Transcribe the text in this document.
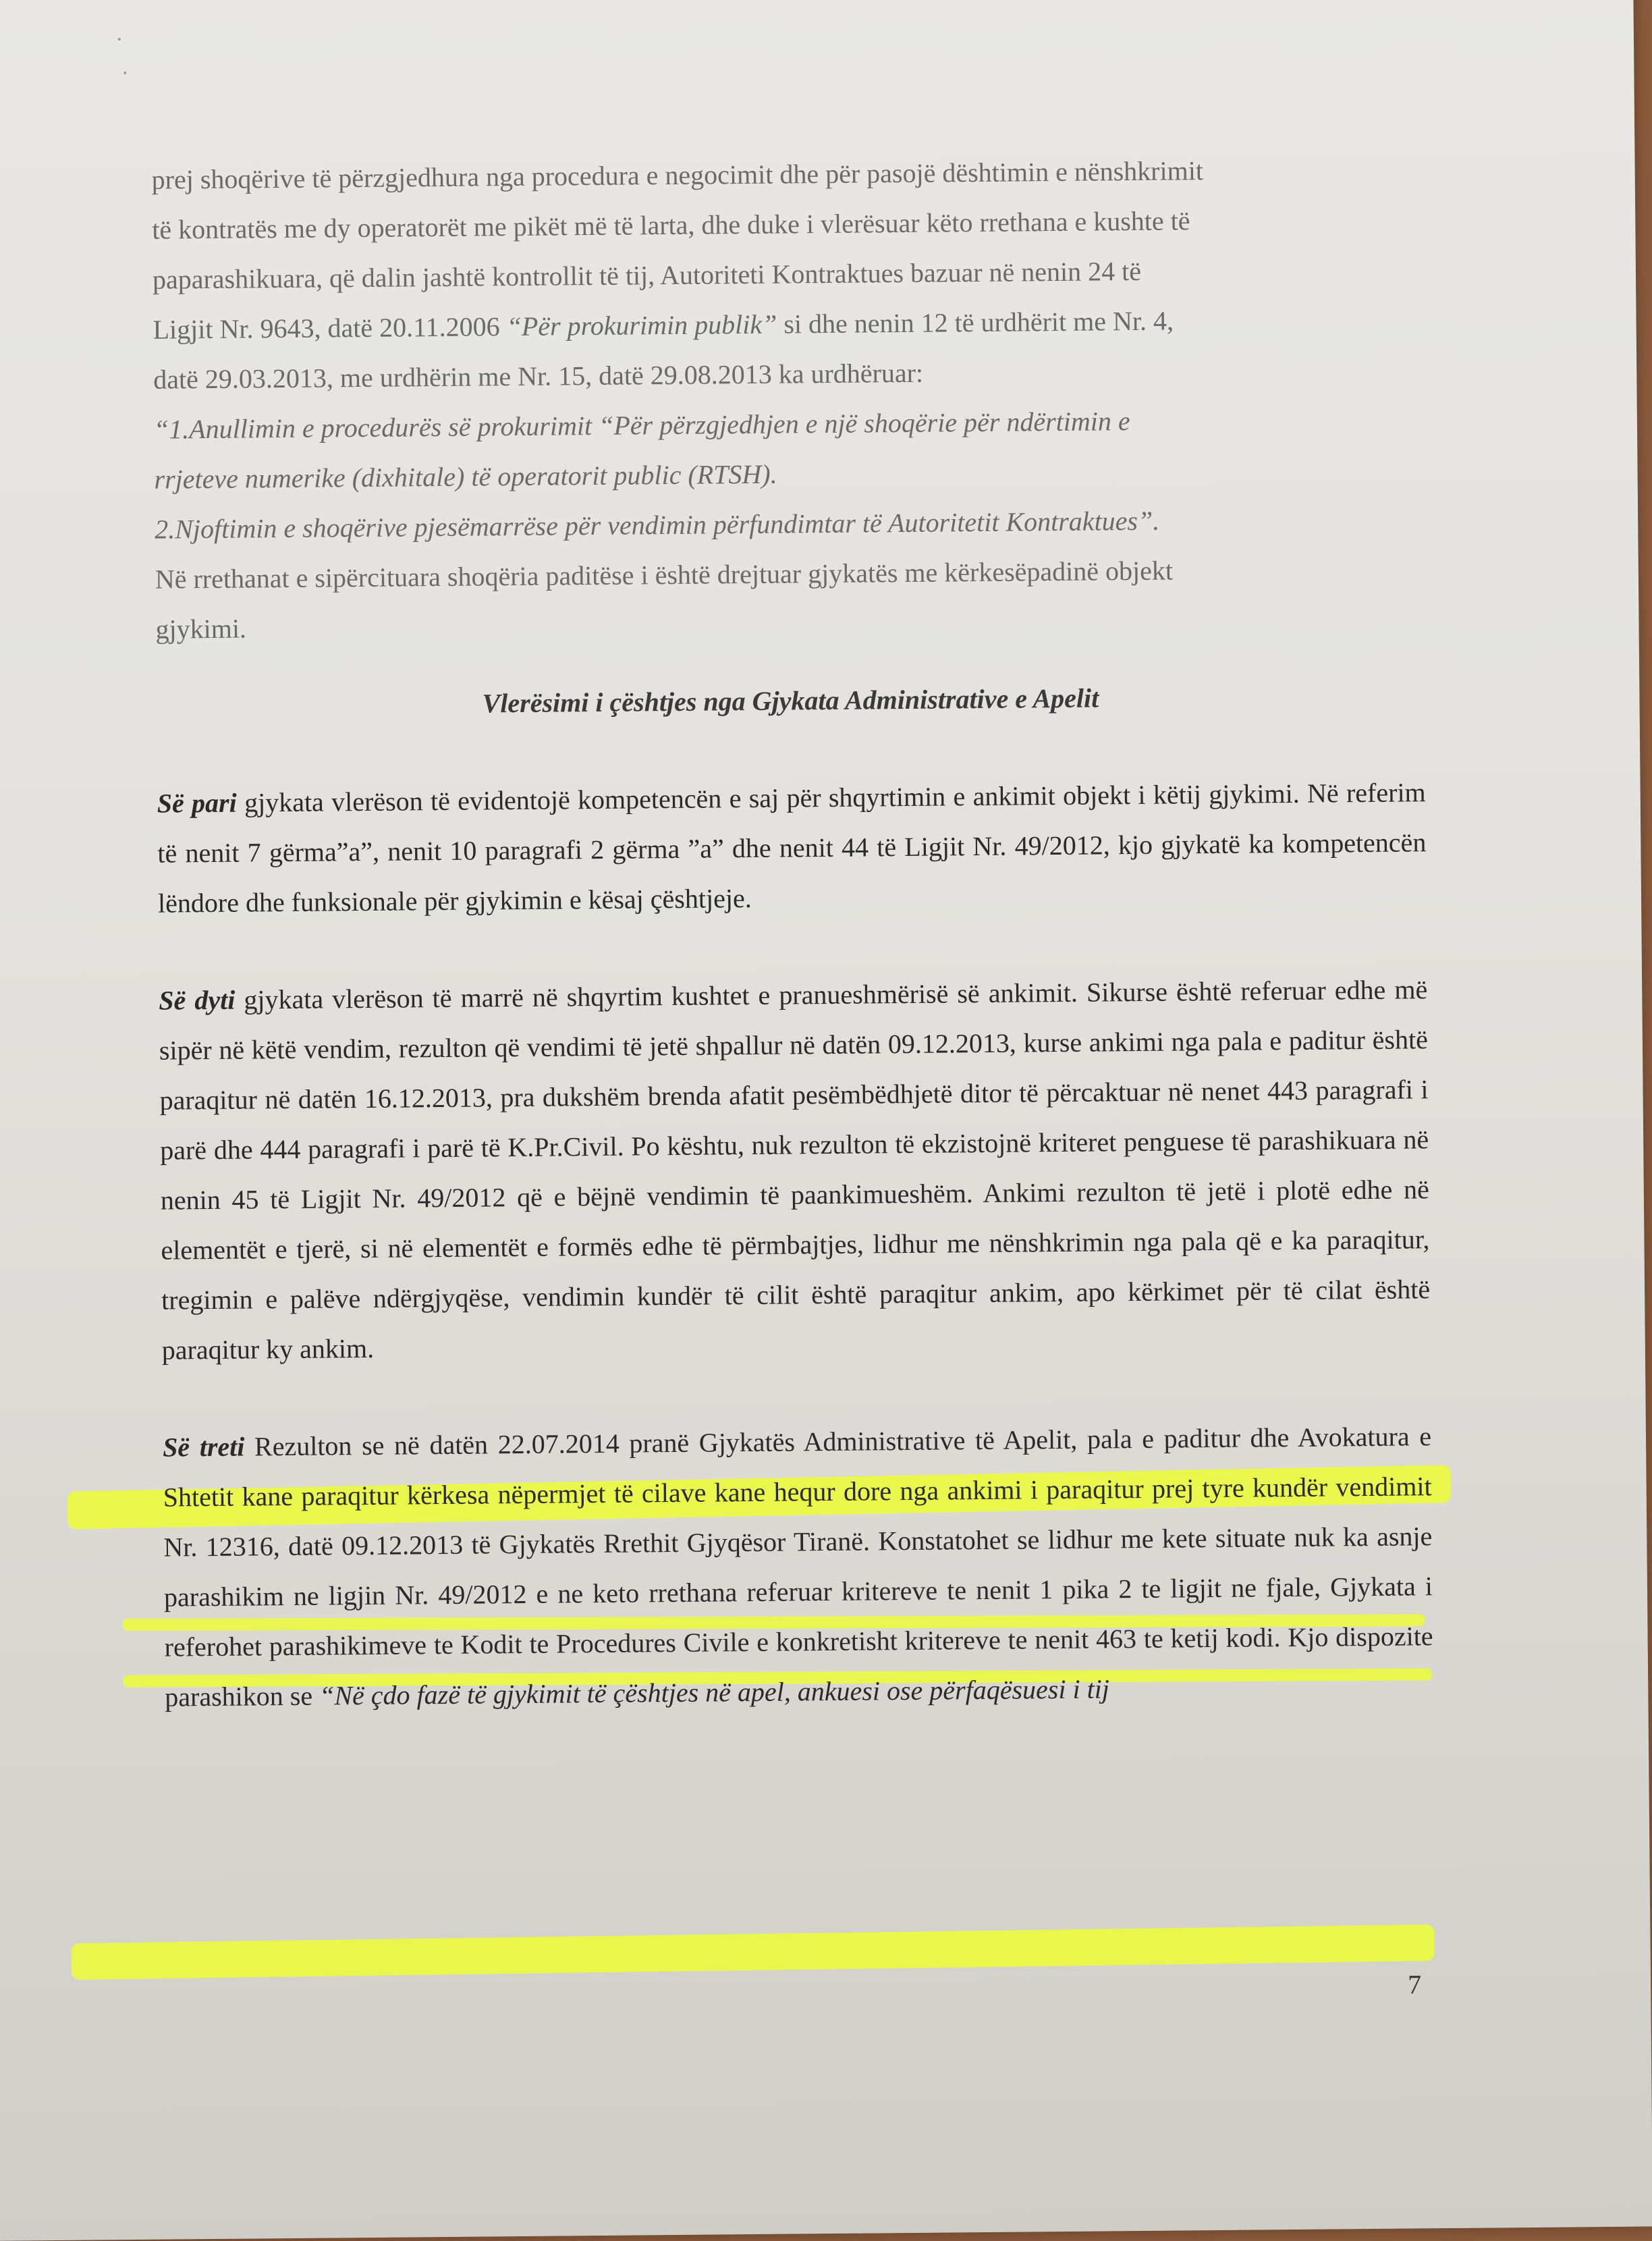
prej shoqërive të përzgjedhura nga procedura e negocimit dhe për pasojë dështimin e nënshkrimit

të kontratës me dy operatorët me pikët më të larta, dhe duke i vlerësuar këto rrethana e kushte të

paparashikuara, që dalin jashtë kontrollit të tij, Autoriteti Kontraktues bazuar në nenin 24 të

Ligjit Nr. 9643, datë 20.11.2006 “Për prokurimin publik” si dhe nenin 12 të urdhërit me Nr. 4,

datë 29.03.2013, me urdhërin me Nr. 15, datë 29.08.2013 ka urdhëruar:

“1.Anullimin e procedurës së prokurimit “Për përzgjedhjen e një shoqërie për ndërtimin e

rrjeteve numerike (dixhitale) të operatorit public (RTSH).

2.Njoftimin e shoqërive pjesëmarrëse për vendimin përfundimtar të Autoritetit Kontraktues”.

Në rrethanat e sipërcituara shoqëria paditëse i është drejtuar gjykatës me kërkesëpadinë objekt

gjykimi.

Vlerësimi i çështjes nga Gjykata Administrative e Apelit

Së pari gjykata vlerëson të evidentojë kompetencën e saj për shqyrtimin e ankimit objekt i këtij gjykimi. Në referim të nenit 7 gërma”a”, nenit 10 paragrafi 2 gërma ”a” dhe nenit 44 të Ligjit Nr. 49/2012, kjo gjykatë ka kompetencën lëndore dhe funksionale për gjykimin e kësaj çështjeje.

Së dyti gjykata vlerëson të marrë në shqyrtim kushtet e pranueshmërisë së ankimit. Sikurse është referuar edhe më sipër në këtë vendim, rezulton që vendimi të jetë shpallur në datën 09.12.2013, kurse ankimi nga pala e paditur është paraqitur në datën 16.12.2013, pra dukshëm brenda afatit pesëmbëdhjetë ditor të përcaktuar në nenet 443 paragrafi i parë dhe 444 paragrafi i parë të K.Pr.Civil. Po kështu, nuk rezulton të ekzistojnë kriteret penguese të parashikuara në nenin 45 të Ligjit Nr. 49/2012 që e bëjnë vendimin të paankimueshëm. Ankimi rezulton të jetë i plotë edhe në elementët e tjerë, si në elementët e formës edhe të përmbajtjes, lidhur me nënshkrimin nga pala që e ka paraqitur, tregimin e palëve ndërgjyqëse, vendimin kundër të cilit është paraqitur ankim, apo kërkimet për të cilat është paraqitur ky ankim.

Së treti Rezulton se në datën 22.07.2014 pranë Gjykatës Administrative të Apelit, pala e paditur dhe Avokatura e Shtetit kane paraqitur kërkesa nëpermjet të cilave kane hequr dore nga ankimi i paraqitur prej tyre kundër vendimit Nr. 12316, datë 09.12.2013 të Gjykatës Rrethit Gjyqësor Tiranë. Konstatohet se lidhur me kete situate nuk ka asnje parashikim ne ligjin Nr. 49/2012 e ne keto rrethana referuar kritereve te nenit 1 pika 2 te ligjit ne fjale, Gjykata i referohet parashikimeve te Kodit te Procedures Civile e konkretisht kritereve te nenit 463 te ketij kodi. Kjo dispozite parashikon se “Në çdo fazë të gjykimit të çështjes në apel, ankuesi ose përfaqësuesi i tij

7
